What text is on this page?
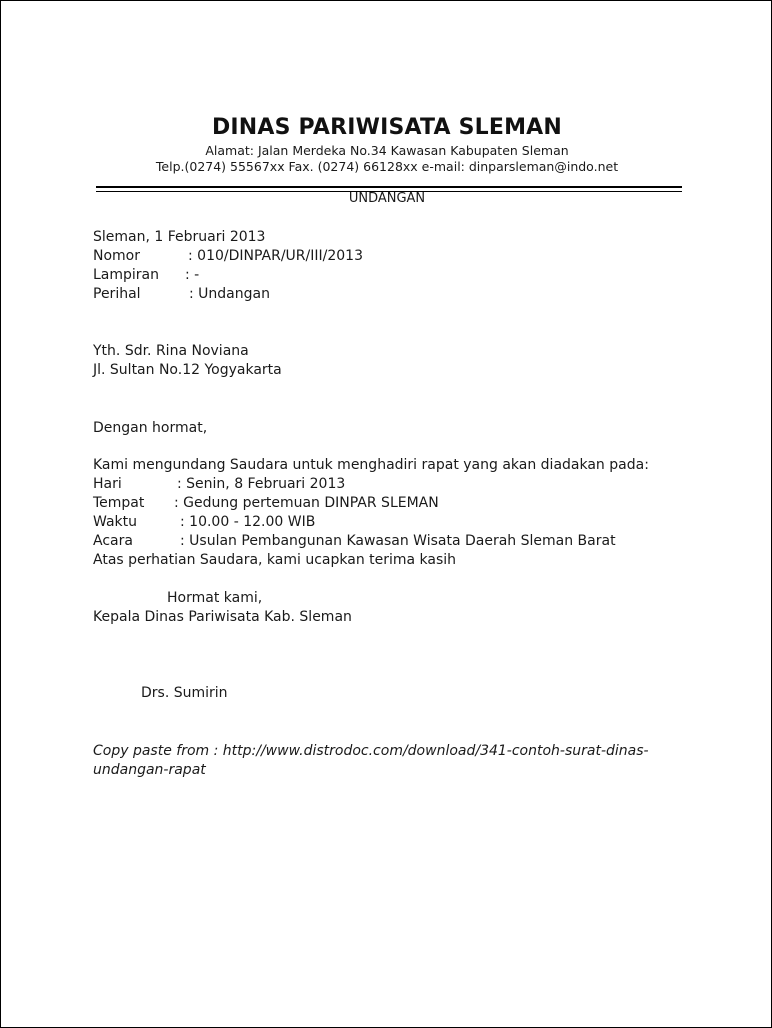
DINAS PARIWISATA SLEMAN
Alamat: Jalan Merdeka No.34 Kawasan Kabupaten Sleman
Telp.(0274) 55567xx Fax. (0274) 66128xx e-mail: dinparsleman@indo.net
UNDANGAN
Sleman, 1 Februari 2013
Nomor	: 010/DINPAR/UR/III/2013
Lampiran : -
Perihal	: Undangan
Yth. Sdr. Rina Noviana
Jl. Sultan No.12 Yogyakarta
Dengan hormat,
Kami mengundang Saudara untuk menghadiri rapat yang akan diadakan pada:
Hari	: Senin, 8 Februari 2013
Tempat : Gedung pertemuan DINPAR SLEMAN
Waktu	: 10.00 - 12.00 WIB
Acara	: Usulan Pembangunan Kawasan Wisata Daerah Sleman Barat
Atas perhatian Saudara, kami ucapkan terima kasih
Hormat kami,
Kepala Dinas Pariwisata Kab. Sleman
Drs. Sumirin
Copy paste from : http://www.distrodoc.com/download/341-contoh-surat-dinas-
undangan-rapat
